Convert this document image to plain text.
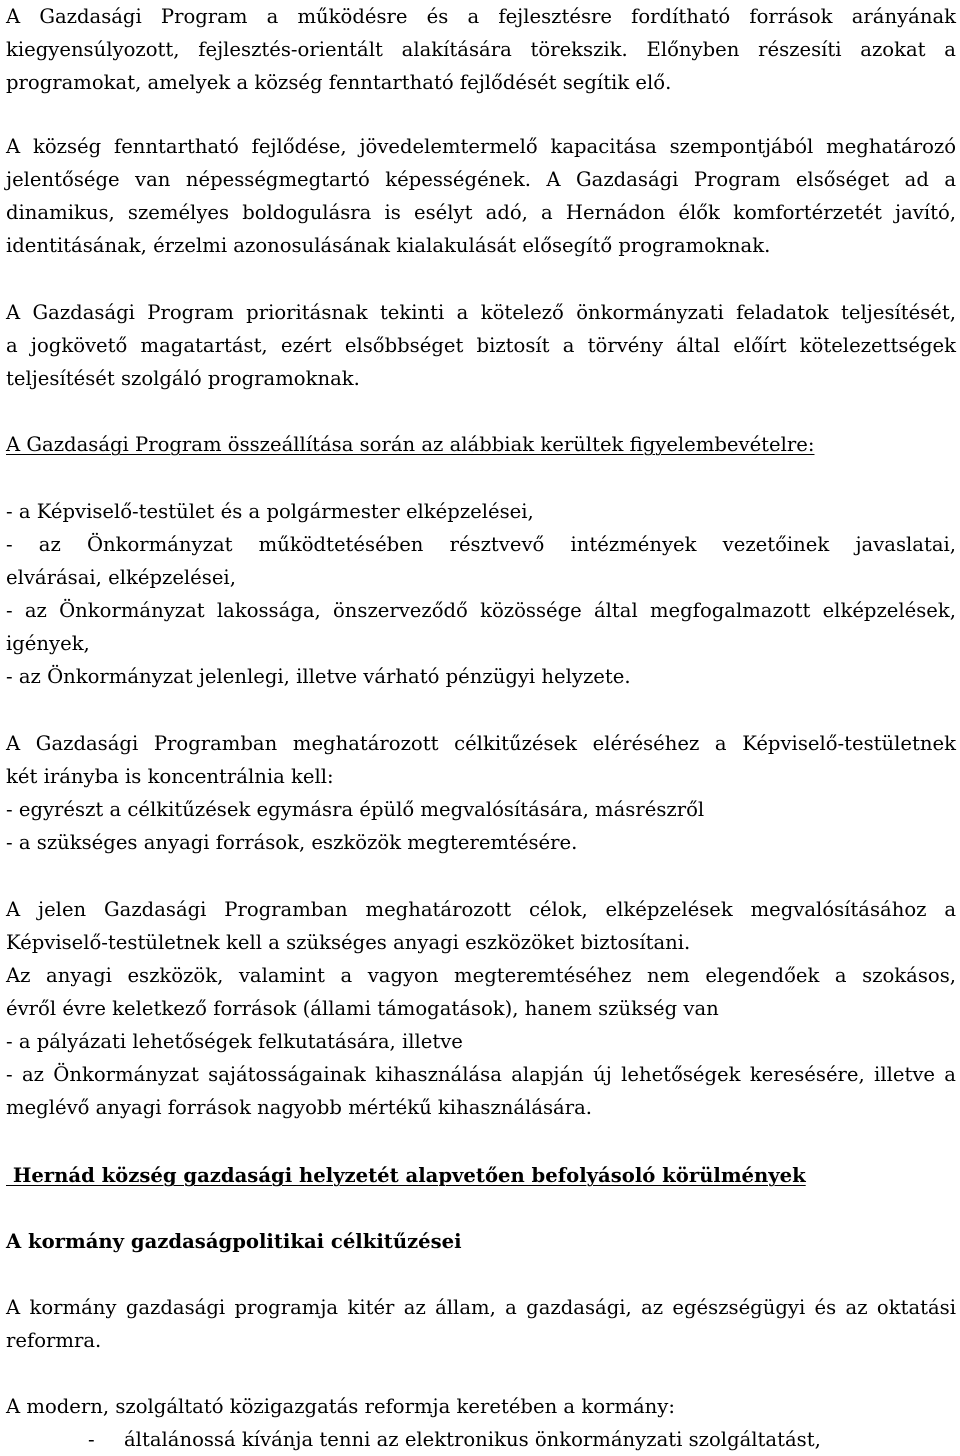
A Gazdasági Program a működésre és a fejlesztésre fordítható források arányának
kiegyensúlyozott, fejlesztés-orientált alakítására törekszik. Előnyben részesíti azokat a
programokat, amelyek a község fenntartható fejlődését segítik elő.
A község fenntartható fejlődése, jövedelemtermelő kapacitása szempontjából meghatározó
jelentősége van népességmegtartó képességének. A Gazdasági Program elsőséget ad a
dinamikus, személyes boldogulásra is esélyt adó, a Hernádon élők komfortérzetét javító,
identitásának, érzelmi azonosulásának kialakulását elősegítő programoknak.
A Gazdasági Program prioritásnak tekinti a kötelező önkormányzati feladatok teljesítését,
a jogkövető magatartást, ezért elsőbbséget biztosít a törvény által előírt kötelezettségek
teljesítését szolgáló programoknak.
A Gazdasági Program összeállítása során az alábbiak kerültek figyelembevételre:
- a Képviselő-testület és a polgármester elképzelései,
- az Önkormányzat működtetésében résztvevő intézmények vezetőinek javaslatai,
elvárásai, elképzelései,
- az Önkormányzat lakossága, önszerveződő közössége által megfogalmazott elképzelések,
igények,
- az Önkormányzat jelenlegi, illetve várható pénzügyi helyzete.
A Gazdasági Programban meghatározott célkitűzések eléréséhez a Képviselő-testületnek
két irányba is koncentrálnia kell:
- egyrészt a célkitűzések egymásra épülő megvalósítására, másrészről
- a szükséges anyagi források, eszközök megteremtésére.
A jelen Gazdasági Programban meghatározott célok, elképzelések megvalósításához a
Képviselő-testületnek kell a szükséges anyagi eszközöket biztosítani.
Az anyagi eszközök, valamint a vagyon megteremtéséhez nem elegendőek a szokásos,
évről évre keletkező források (állami támogatások), hanem szükség van
- a pályázati lehetőségek felkutatására, illetve
- az Önkormányzat sajátosságainak kihasználása alapján új lehetőségek keresésére, illetve a
meglévő anyagi források nagyobb mértékű kihasználására.
Hernád község gazdasági helyzetét alapvetően befolyásoló körülmények
A kormány gazdaságpolitikai célkitűzései
A kormány gazdasági programja kitér az állam, a gazdasági, az egészségügyi és az oktatási
reformra.
A modern, szolgáltató közigazgatás reformja keretében a kormány:
-	általánossá kívánja tenni az elektronikus önkormányzati szolgáltatást,
